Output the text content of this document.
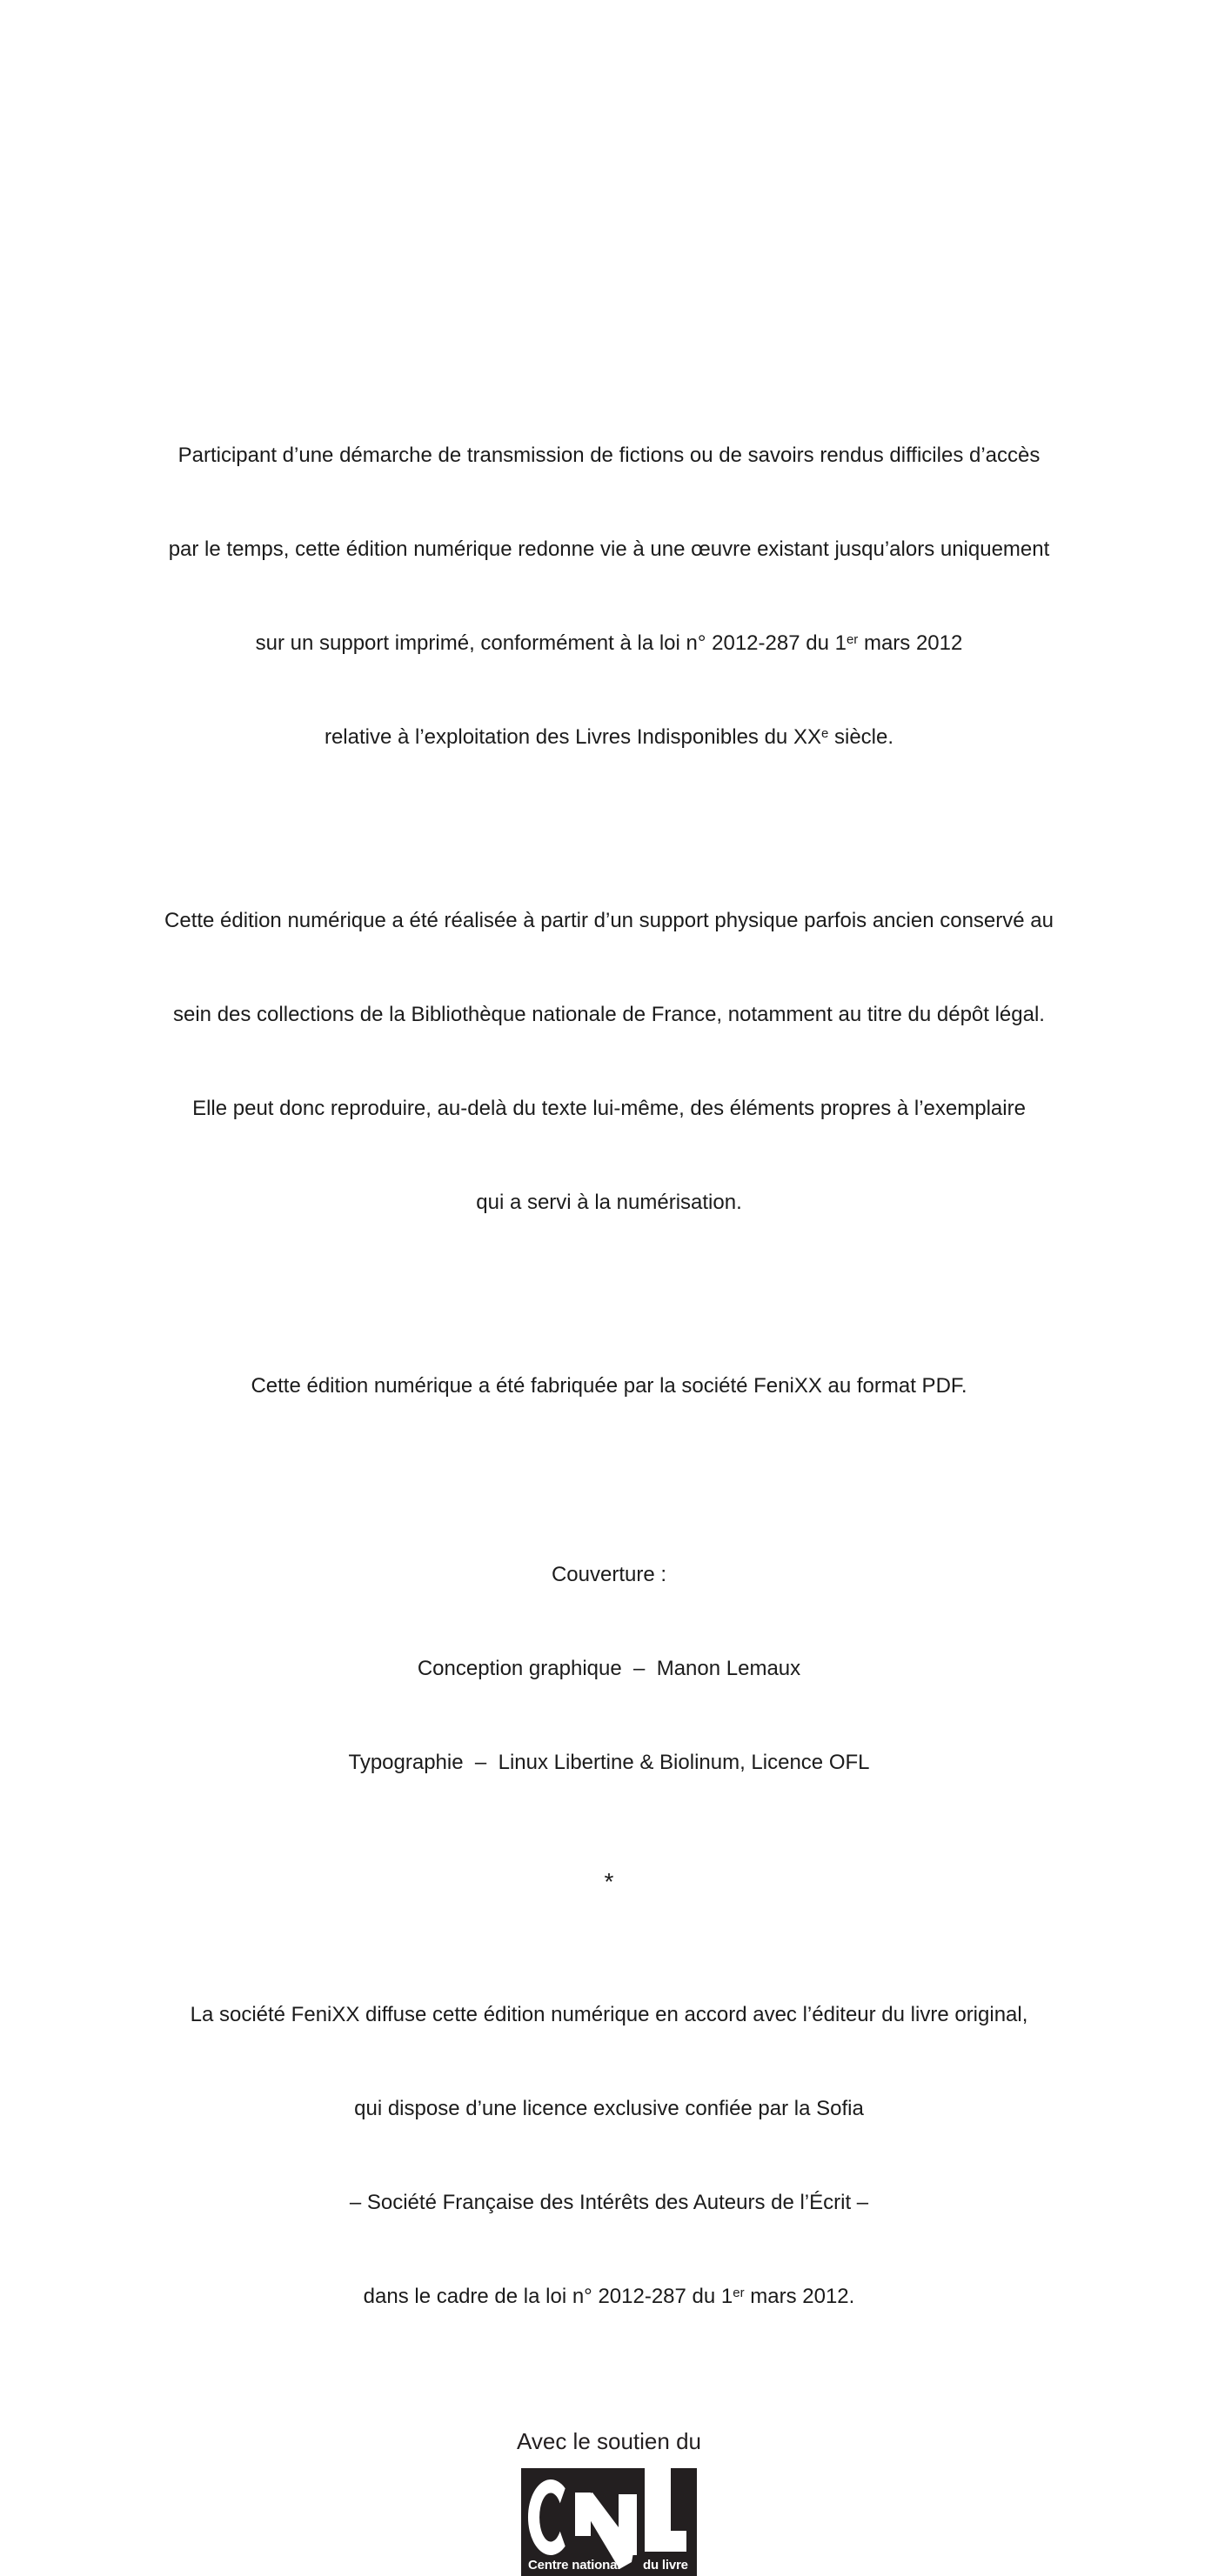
Participant d’une démarche de transmission de fictions ou de savoirs rendus difficiles d’accès

par le temps, cette édition numérique redonne vie à une œuvre existant jusqu’alors uniquement

sur un support imprimé, conformément à la loi n° 2012-287 du 1er mars 2012

relative à l’exploitation des Livres Indisponibles du XXe siècle.

Cette édition numérique a été réalisée à partir d’un support physique parfois ancien conservé au

sein des collections de la Bibliothèque nationale de France, notamment au titre du dépôt légal.

Elle peut donc reproduire, au-delà du texte lui-même, des éléments propres à l’exemplaire

qui a servi à la numérisation.

Cette édition numérique a été fabriquée par la société FeniXX au format PDF.

Couverture :

Conception graphique  –  Manon Lemaux

Typographie  –  Linux Libertine & Biolinum, Licence OFL

*

La société FeniXX diffuse cette édition numérique en accord avec l’éditeur du livre original,

qui dispose d’une licence exclusive confiée par la Sofia

– Société Française des Intérêts des Auteurs de l’Écrit –

dans le cadre de la loi n° 2012-287 du 1er mars 2012.

Avec le soutien du

Centre national du livre
